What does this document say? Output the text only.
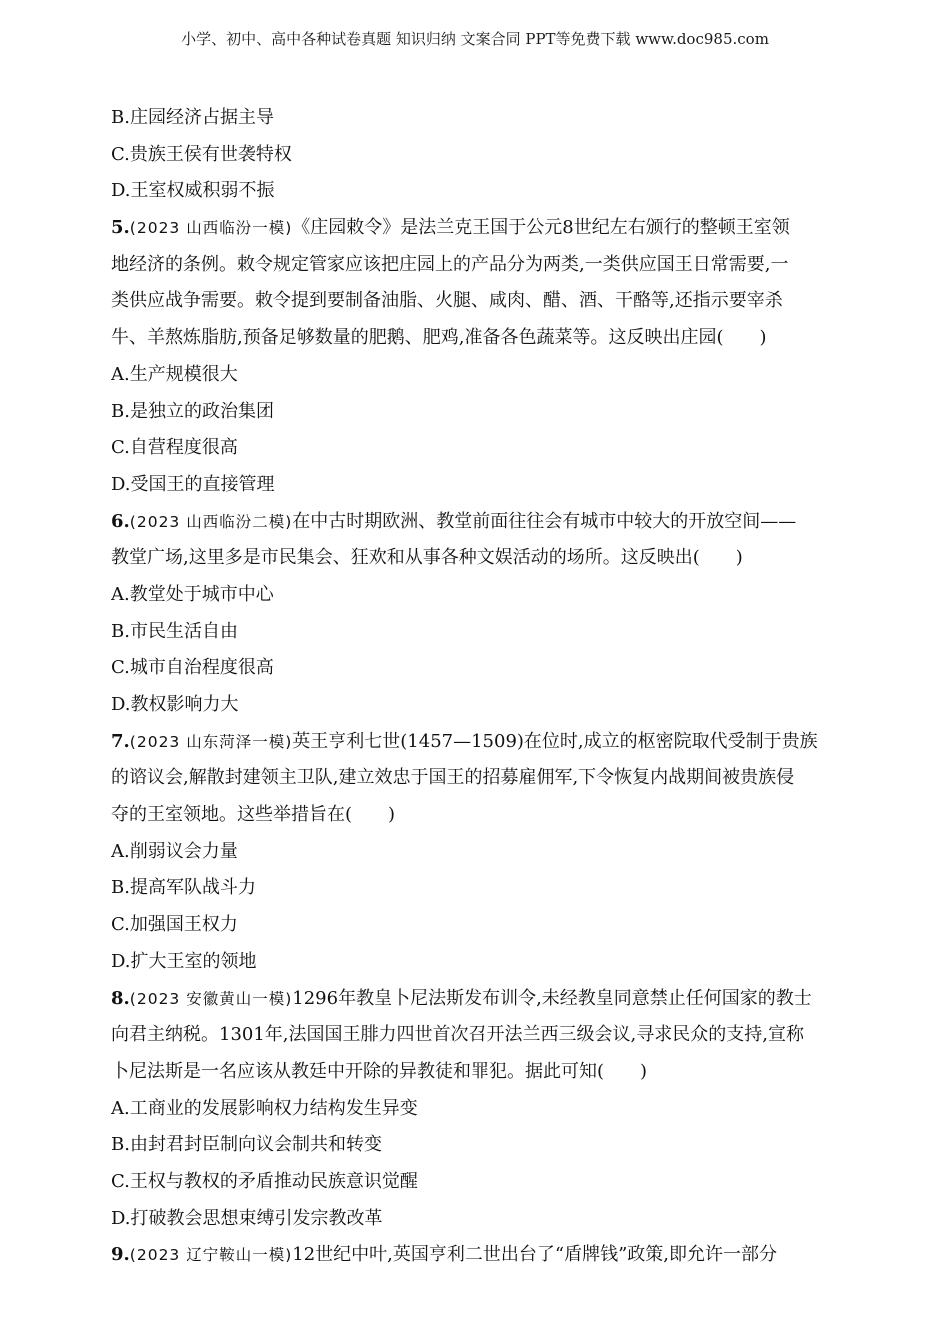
小学、初中、高中各种试卷真题 知识归纳 文案合同 PPT等免费下载 www.doc985.com
B.庄园经济占据主导
C.贵族王侯有世袭特权
D.王室权威积弱不振
5.(2023 山西临汾一模)《庄园敕令》是法兰克王国于公元8世纪左右颁行的整顿王室领
地经济的条例。敕令规定管家应该把庄园上的产品分为两类,一类供应国王日常需要,一
类供应战争需要。敕令提到要制备油脂、火腿、咸肉、醋、酒、干酪等,还指示要宰杀
牛、羊熬炼脂肪,预备足够数量的肥鹅、肥鸡,准备各色蔬菜等。这反映出庄园(　　)
A.生产规模很大
B.是独立的政治集团
C.自营程度很高
D.受国王的直接管理
6.(2023 山西临汾二模)在中古时期欧洲、教堂前面往往会有城市中较大的开放空间——
教堂广场,这里多是市民集会、狂欢和从事各种文娱活动的场所。这反映出(　　)
A.教堂处于城市中心
B.市民生活自由
C.城市自治程度很高
D.教权影响力大
7.(2023 山东菏泽一模)英王亨利七世(1457—1509)在位时,成立的枢密院取代受制于贵族
的谘议会,解散封建领主卫队,建立效忠于国王的招募雇佣军,下令恢复内战期间被贵族侵
夺的王室领地。这些举措旨在(　　)
A.削弱议会力量
B.提高军队战斗力
C.加强国王权力
D.扩大王室的领地
8.(2023 安徽黄山一模)1296年教皇卜尼法斯发布训令,未经教皇同意禁止任何国家的教士
向君主纳税。1301年,法国国王腓力四世首次召开法兰西三级会议,寻求民众的支持,宣称
卜尼法斯是一名应该从教廷中开除的异教徒和罪犯。据此可知(　　)
A.工商业的发展影响权力结构发生异变
B.由封君封臣制向议会制共和转变
C.王权与教权的矛盾推动民族意识觉醒
D.打破教会思想束缚引发宗教改革
9.(2023 辽宁鞍山一模)12世纪中叶,英国亨利二世出台了“盾牌钱”政策,即允许一部分
